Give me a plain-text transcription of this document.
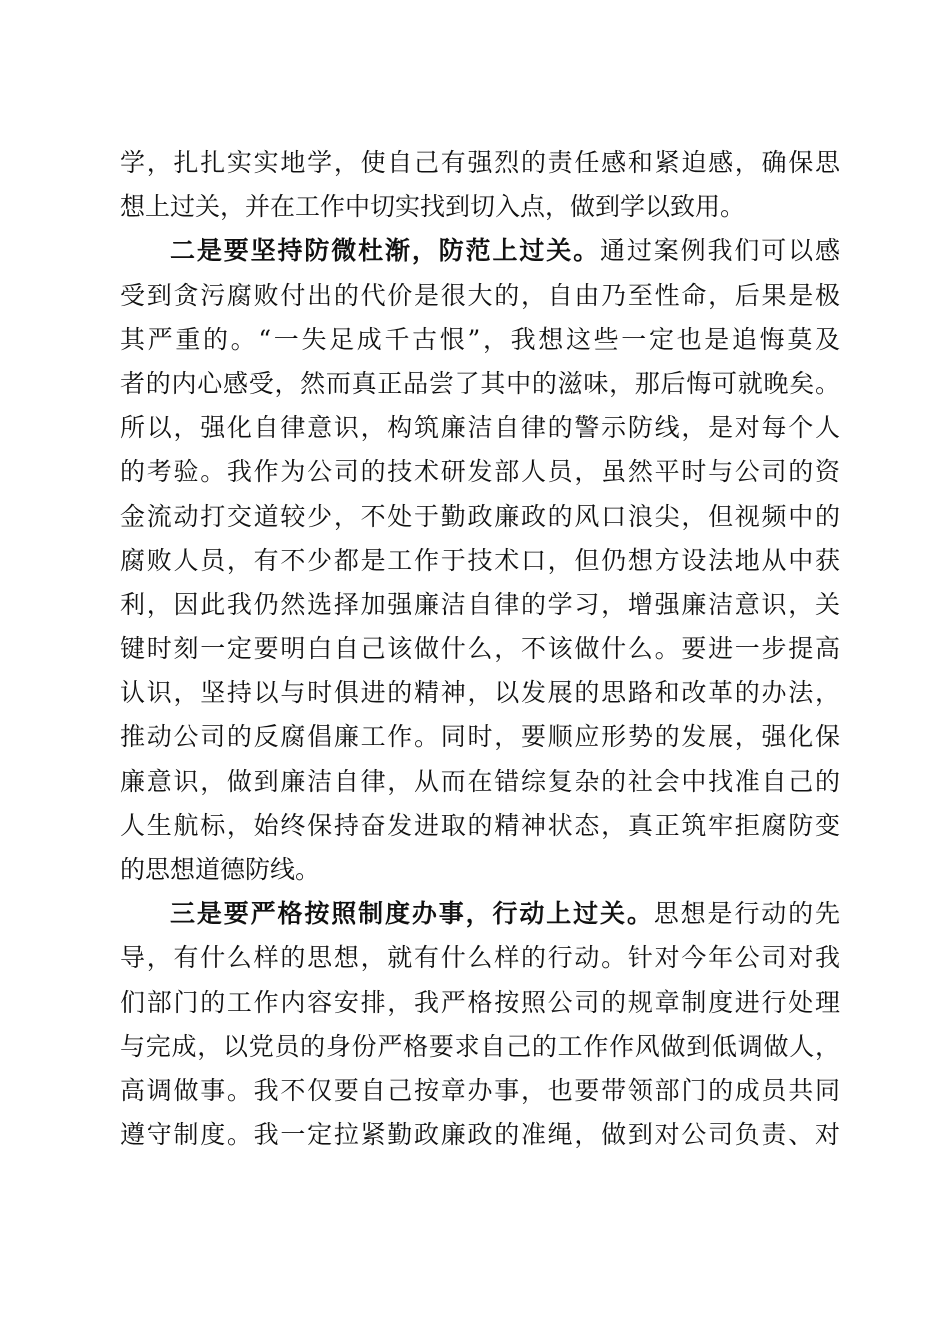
学，扎扎实实地学，使自己有强烈的责任感和紧迫感，确保思
想上过关，并在工作中切实找到切入点，做到学以致用。
二是要坚持防微杜渐，防范上过关。通过案例我们可以感
受到贪污腐败付出的代价是很大的，自由乃至性命，后果是极
其严重的。“一失足成千古恨”，我想这些一定也是追悔莫及
者的内心感受，然而真正品尝了其中的滋味，那后悔可就晚矣。
所以，强化自律意识，构筑廉洁自律的警示防线，是对每个人
的考验。我作为公司的技术研发部人员，虽然平时与公司的资
金流动打交道较少，不处于勤政廉政的风口浪尖，但视频中的
腐败人员，有不少都是工作于技术口，但仍想方设法地从中获
利，因此我仍然选择加强廉洁自律的学习，增强廉洁意识，关
键时刻一定要明白自己该做什么，不该做什么。要进一步提高
认识，坚持以与时俱进的精神，以发展的思路和改革的办法，
推动公司的反腐倡廉工作。同时，要顺应形势的发展，强化保
廉意识，做到廉洁自律，从而在错综复杂的社会中找准自己的
人生航标，始终保持奋发进取的精神状态，真正筑牢拒腐防变
的思想道德防线。
三是要严格按照制度办事，行动上过关。思想是行动的先
导，有什么样的思想，就有什么样的行动。针对今年公司对我
们部门的工作内容安排，我严格按照公司的规章制度进行处理
与完成，以党员的身份严格要求自己的工作作风做到低调做人，
高调做事。我不仅要自己按章办事，也要带领部门的成员共同
遵守制度。我一定拉紧勤政廉政的准绳，做到对公司负责、对
